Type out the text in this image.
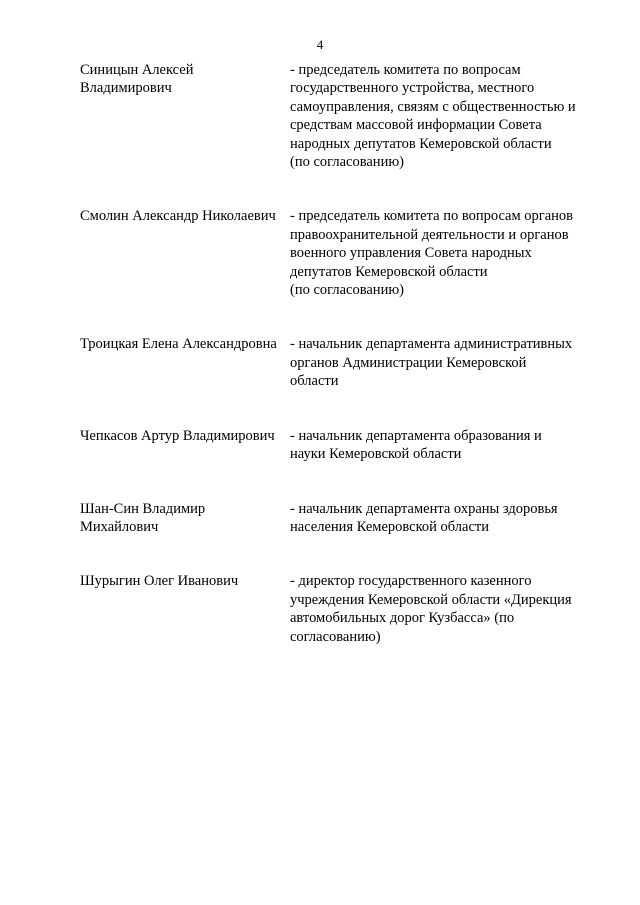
4
Синицын Алексей
Владимирович
- председатель комитета по вопросам
государственного устройства, местного
самоуправления, связям с общественностью и
средствам массовой информации Совета
народных депутатов Кемеровской области
(по согласованию)
Смолин Александр Николаевич - председатель комитета по вопросам органов
правоохранительной деятельности и органов
военного управления Совета народных
депутатов Кемеровской области
(по согласованию)
Троицкая Елена Александровна - начальник департамента административных
органов Администрации Кемеровской
области
Чепкасов Артур Владимирович	- начальник департамента образования и
науки Кемеровской области
Шан-Син Владимир
Михайлович
- начальник департамента охраны здоровья
населения Кемеровской области
Шурыгин Олег Иванович	- директор государственного казенного
учреждения Кемеровской области «Дирекция
автомобильных дорог Кузбасса» (по
согласованию)
